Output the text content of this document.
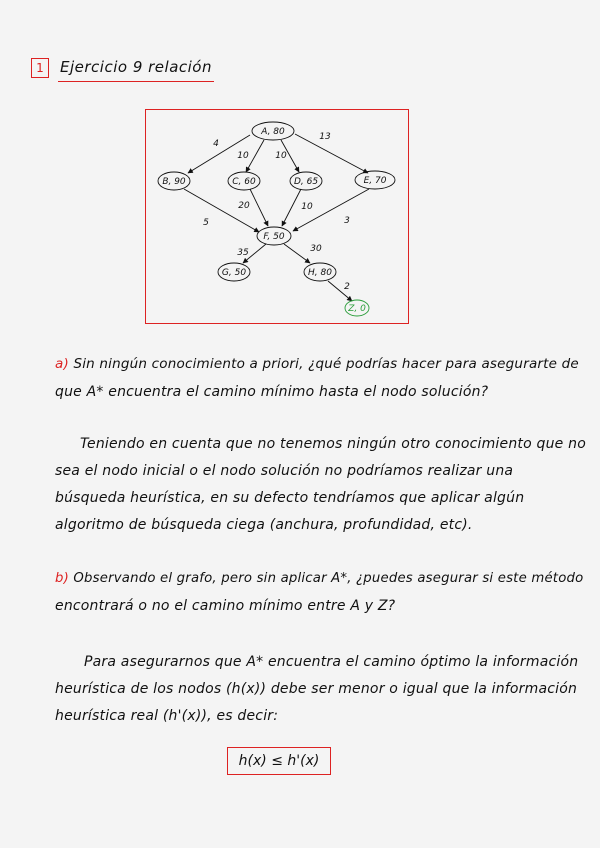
1	Ejercicio 9 relación
A, 80
B, 90	C, 60	D, 65	E, 70
F, 50
G, 50	H, 80
Z, 0
4
10	10
13
5
20	10
3
35	30
2
a) Sin ningún conocimiento a priori, ¿qué podrías hacer para asegurarte de
que A* encuentra el camino mínimo hasta el nodo solución?
Teniendo en cuenta que no tenemos ningún otro conocimiento que no
sea el nodo inicial o el nodo solución no podríamos realizar una
búsqueda heurística, en su defecto tendríamos que aplicar algún
algoritmo de búsqueda ciega (anchura, profundidad, etc).
b) Observando el grafo, pero sin aplicar A*, ¿puedes asegurar si este método
encontrará o no el camino mínimo entre A y Z?
Para asegurarnos que A* encuentra el camino óptimo la información
heurística de los nodos (h(x)) debe ser menor o igual que la información
heurística real (h'(x)), es decir:
h(x) ≤ h'(x)
